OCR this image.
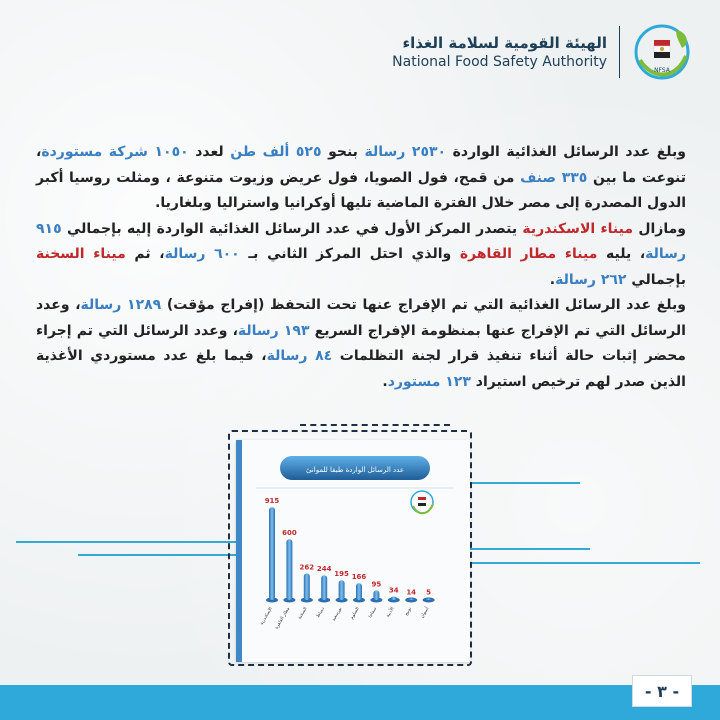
الهيئة القومية لسلامة الغذاء
National Food Safety Authority
NFSA

وبلغ عدد الرسائل الغذائية الواردة ٢٥٣٠ رسالة بنحو ٥٢٥ ألف طن لعدد ١٠٥٠ شركة مستوردة، تنوعت ما بين ٣٣٥ صنف من قمح، فول الصويا، فول عريض وزيوت متنوعة ، ومثلت روسيا أكبر الدول المصدرة إلى مصر خلال الفترة الماضية تليها أوكرانيا واستراليا وبلغاريا.

ومازال ميناء الاسكندرية يتصدر المركز الأول في عدد الرسائل الغذائية الواردة إليه بإجمالي ٩١٥ رسالة، يليه ميناء مطار القاهرة والذي احتل المركز الثاني بـ ٦٠٠ رسالة، ثم ميناء السخنة بإجمالي ٢٦٢ رسالة.

وبلغ عدد الرسائل الغذائية التي تم الإفراج عنها تحت التحفظ (إفراج مؤقت) ١٢٨٩ رسالة، وعدد الرسائل التي تم الإفراج عنها بمنظومة الإفراج السريع ١٩٣ رسالة، وعدد الرسائل التي تم إجراء محضر إثبات حالة أثناء تنفيذ قرار لجنة التظلمات ٨٤ رسالة، فيما بلغ عدد مستوردي الأغذية الذين صدر لهم ترخيص استيراد ١٢٣ مستورد.

عدد الرسائل الواردة طبقا للموانئ
915
600
262 244
195 166
95
34 14 5
الإسكندرية مطار القاهرة السخنة دمياط بورسعيد السلوم سفاجا	الأدبية نويبع	أسوان
- ٣ -
